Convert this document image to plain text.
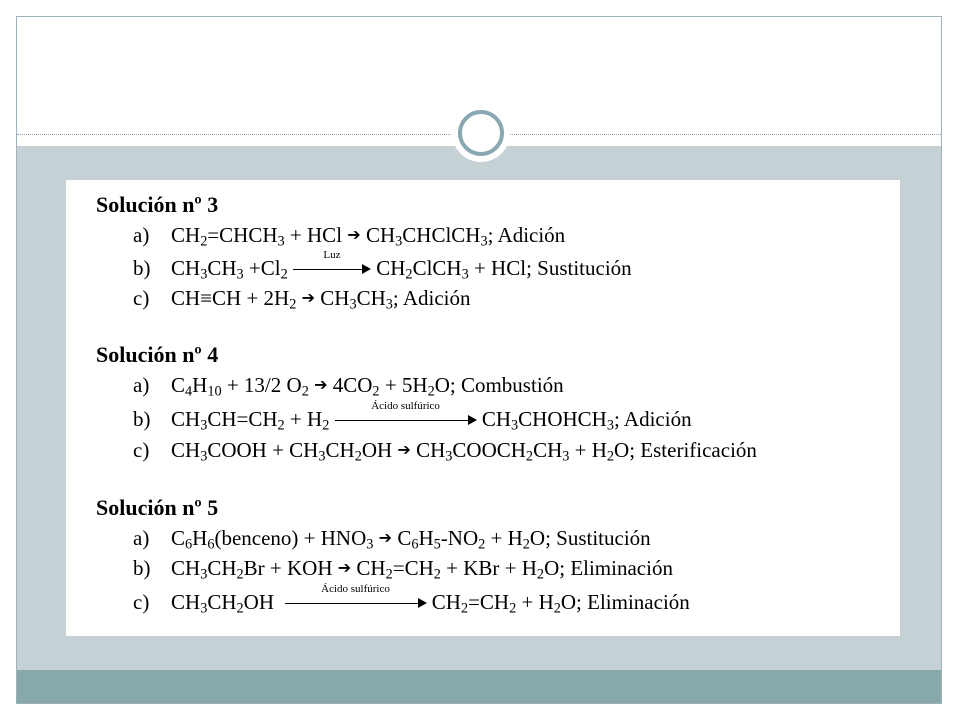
Solución nº 3
a) $CH_2=CHCH_3$ + HCl ➔ $CH_3CHClCH_3$; Adición
b) $CH_3CH_3 +Cl_2$
Luz
$CH_2ClCH_3$ + HCl; Sustitución
c) $CH\equiv CH + 2H_2$ ➔ $CH_3CH_3$; Adición
Solución nº 4
a) $C_4H_{10} + 13/2$ $O_2$ ➔ $4CO_2 + 5H_2O$; Combustión
b) $CH_3CH=CH_2 + H_2$
Ácido sulfúrico
$CH_3CHOHCH_3$; Adición
c) $CH_3COOH + CH_3CH_2OH$ ➔ $CH_3COOCH_2CH_3 + H_2O$; Esterificación
Solución nº 5
a) $C_6H_6(benceno) + HNO_3$ ➔ $C_6H_5-NO_2 + H_2O$; Sustitución
b) $CH_3CH_2Br$ + KOH ➔ $CH_2=CH_2$ + KBr + $H_2O$; Eliminación
c) $CH_3CH_2OH$
Ácido sulfúrico
$CH_2=CH_2 + H_2O$; Eliminación
